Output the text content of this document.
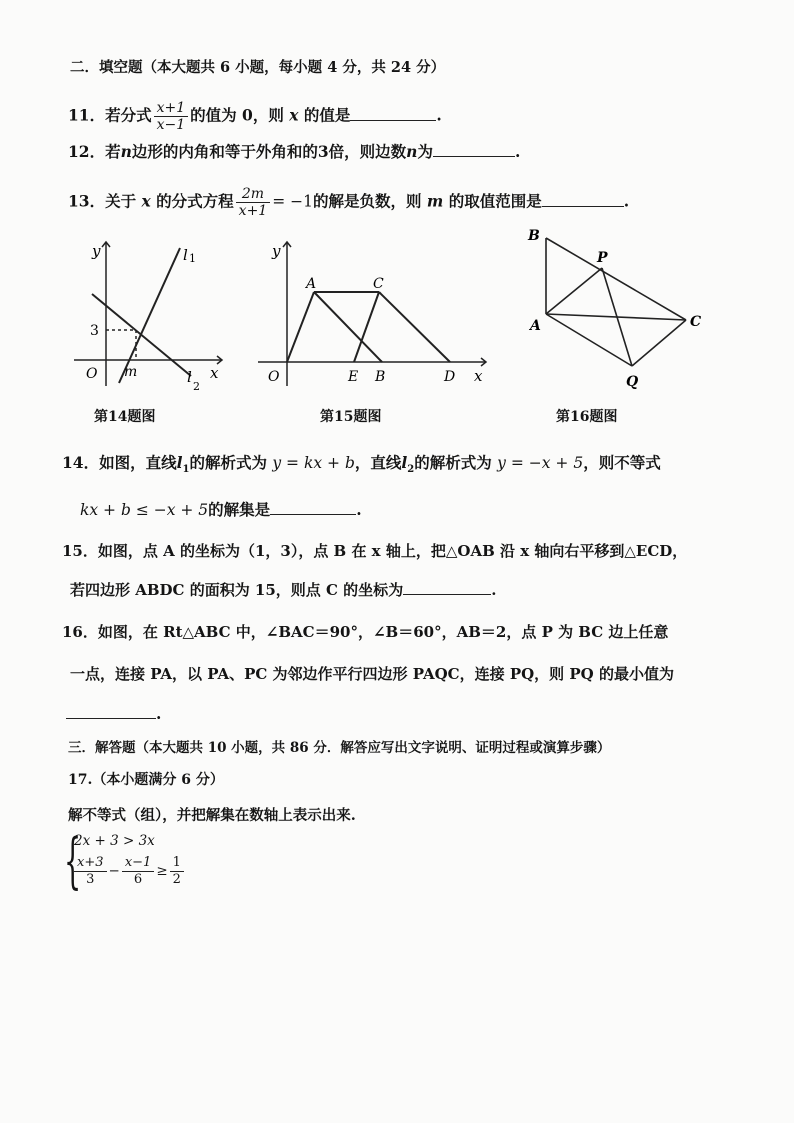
二．填空题（本大题共 6 小题，每小题 4 分，共 24 分）
11．若分式 $\frac{x+1}{x-1}$ 的值为 0，则 x 的值是	.
12．若n边形的内角和等于外角和的3倍，则边数n为	.
13．关于 x 的分式方程 $\frac{2m}{x+1} = -1$的解是负数，则 m 的取值范围是	.
y	l 1
3
O m	l
2
x
第14题图
y
A	C
O	E B	D x
第15题图
B
P
A	C
Q
第16题图
14．如图，直线$l_1$的解析式为 y = kx + b，直线$l_2$的解析式为 y = −x + 5，则不等式
kx + b ≤ −x + 5的解集是	.
15．如图，点 A 的坐标为（1，3），点 B 在 x 轴上，把△OAB 沿 x 轴向右平移到△ECD，
若四边形 ABDC 的面积为 15，则点 C 的坐标为	.
16．如图，在 Rt△ABC 中，∠BAC＝90°，∠B＝60°，AB＝2，点 P 为 BC 边上任意
一点，连接 PA，以 PA、PC 为邻边作平行四边形 PAQC，连接 PQ，则 PQ 的最小值为
.
三．解答题（本大题共 10 小题，共 86 分．解答应写出文字说明、证明过程或演算步骤）
17.（本小题满分 6 分）
解不等式（组），并把解集在数轴上表示出来.
{
2x + 3 > 3x
$\frac{x+3}{3} - \frac{x-1}{6} \ge \frac{1}{2}$
